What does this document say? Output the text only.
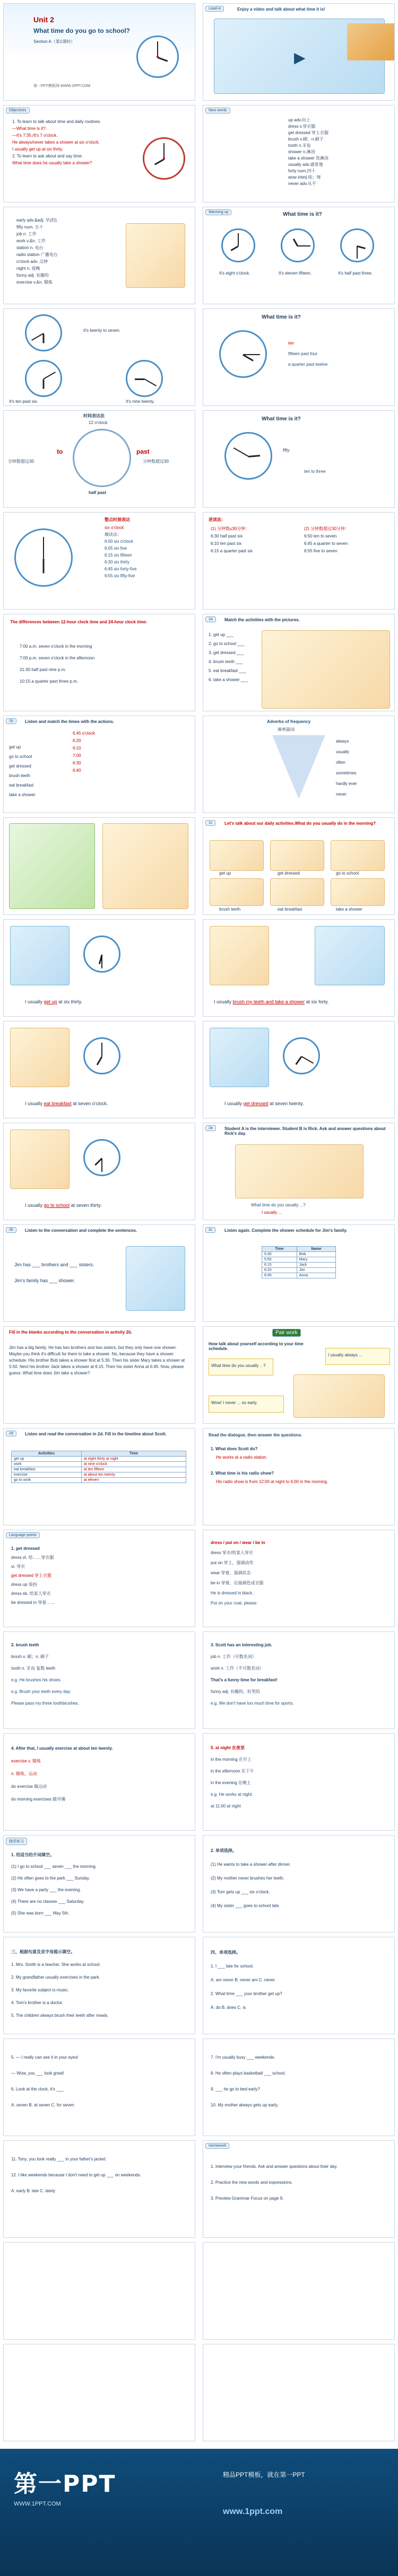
Unit 2
What time do you go to school?
Section A（第1课时）
第一PPT模板网-WWW.1PPT.COM
Lead-in	Enjoy a video and talk about what time it is!
▶
Objectives
1. To learn to talk about time and daily routines.
—What time is it?
—It's 7:35./It's 7 o'clock.
He always/never takes a shower at six o'clock.
I usually get up at six thirty.
2. To learn to ask about and say time:
What time does he usually take a shower?
New words
up adv.向上
dress v.穿衣服
get dressed 穿上衣服
brush v.刷；n.刷子
tooth n.牙齿
shower n.淋浴
take a shower 洗淋浴
usually adv.通常地
forty num.四十
wow interj.哇；呀
never adv.从不
early adv.&adj. 早(的)
fifty num. 五十
job n. 工作
work v.&n. 工作
station n. 电台
radio station 广播电台
o'clock adv. 点钟
night n. 夜晚
funny adj. 有趣的
exercise v.&n. 锻炼
Warming up	What time is it?
It's eight o'clock.	It's eleven fifteen.	It's half past three.
It's twenty to seven.
It's ten past six.	It's nine twenty.
What time is it?
ten
fifteen past four
a quarter past twelve
时间表达法
12 o'clock
to	past
分钟数超过30	分钟数超过30
half past
What time is it?
fifty
ten to three
整点时刻表达
six o'clock
顺读法：
6:00 six o'clock
6:05 six five
6:15 six fifteen
6:30 six thirty
6:45 six forty-five
6:55 six fifty-five
逆读法：
(1) 分钟数≤30分钟：
6:30 half past six
6:10 ten past six
6:15 a quarter past six
(2) 分钟数超过30分钟：
6:50 ten to seven
6:45 a quarter to seven
6:55 five to seven
The differences between 12-hour clock time and 24-hour clock time:
7:00 a.m. seven o'clock in the morning
7:00 p.m. seven o'clock in the afternoon
21:30 half past nine p.m.
10:15 a quarter past three p.m.
1a	Match the activities with the pictures.
1. get up ___
2. go to school ___
3. get dressed ___
4. brush teeth ___
5. eat breakfast ___
6. take a shower ___
1b	Listen and match the times with the actions.
get up
go to school
get dressed
brush teeth
eat breakfast
take a shower
6:45 o'clock
6:20
6:10
7:00
6:30
6:40
Adverbs of frequency
频率副词
always
usually
often
sometimes
hardly ever
never
1c	Let's talk about our daily activities.What do you usually do in the morning?
get up	get dressed	go to school
brush teeth	eat breakfast	take a shower
I usually get up at six thirty.	I usually brush my teeth and take a shower at six forty.
I usually eat breakfast at seven o'clock.	I usually get dressed at seven twenty.
I usually go to school at seven thirty.
2a	Student A is the interviewer. Student B is Rick. Ask and answer questions about Rick's day.
What time do you usually ...?
I usually ...
2b	Listen to the conversation and complete the sentences.
Jim has ___ brothers and ___ sisters.
Jim's family has ___ shower.
2c	Listen again. Complete the shower schedule for Jim's family.
Time	Name
5:30	Bob
5:50	Mary
6:15	Jack
6:20	Jim
6:45	Anna
Fill in the blanks according to the conversation in activity 2b.
Jim has a big family. He has two brothers and two sisters, but they only have one shower. Maybe you think it's difficult for them to take a shower. No, because they have a shower schedule. His brother Bob takes a shower first at 5:30. Then his sister Mary takes a shower at 5:50. Next his brother Jack takes a shower at 6:15. Then his sister Anna at 6:45. Now, please guess: What time does Jim take a shower?
Pair work
How talk about yourself according to your time schedule.
What time do you usually ...?
I usually always ...
Wow! I never ... so early.
2d	Listen and read the conversation in 2d. Fill in the timeline about Scott.
Activities	Time
get up	at eight thirty at night
work	at nine o'clock
eat breakfast	at ten fifteen
exercise	at about ten twenty
go to work	at eleven
Read the dialogue, then answer the questions.
1. What does Scott do?
He works at a radio station.
2. What time is his radio show?
His radio show is from 12:00 at night to 6:00 in the morning.
Language points
1. get dressed
dress vt. 给……穿衣服
vi. 穿衣
get dressed 穿上衣服
dress up 装扮
dress sb. 给某人穿衣
be dressed in 穿着……
dress / put on / wear / be in
dress 穿衣/给某人穿衣
put on 穿上，强调动作
wear 穿着，强调状态
be in 穿着，后接颜色或衣服
He is dressed in black.
Put on your coat, please.
2. brush teeth
brush v. 刷；n. 刷子
tooth n. 牙齿 复数 teeth
e.g. He brushes his shoes.
e.g. Brush your teeth every day.
Please pass my three toothbrushes.
3. Scott has an interesting job.
job n. 工作（可数名词）
work n. 工作（不可数名词）
That's a funny time for breakfast!
funny adj. 有趣的，好笑的
e.g. We don't have too much time for sports.
4. After that, I usually exercise at about ten twenty.
exercise v. 锻炼
n. 锻炼，运动
do exercise 做运动
do morning exercises 做早操
5. at night 在夜里
in the morning 在早上
in the afternoon 在下午
in the evening 在晚上
e.g. He works at night.
at 11:00 at night
随堂练习
1. 用适当的介词填空。
(1) I go to school ___ seven ___ the morning.
(2) He often goes to the park ___ Sunday.
(3) We have a party ___ the evening.
(4) There are no classes ___ Saturday.
(5) She was born ___ May 5th.
2. 单项选择。
(1) He wants to take a shower after dinner.
(2) My mother never brushes her teeth.
(3) Tom gets up ___ six o'clock.
(4) My sister ___ goes to school late.
三、根据句意及首字母提示填空。
1. Mrs. Smith is a teacher. She works at school.
2. My grandfather usually exercises in the park.
3. My favorite subject is music.
4. Tom's brother is a doctor.
5. The children always brush their teeth after meals.
四、单项选择。
1. I ___ late for school.
A. am never B. never am C. never
2. What time ___ your brother get up?
A. do B. does C. is
5. — I really can see it in your eyes!
— Wow, you ___ look great!
6. Look at the clock, it's ___.
A. seven B. at seven C. for seven
7. I'm usually busy ___ weekends.
8. He often plays basketball ___ school.
9. ___ he go to bed early?
10. My mother always gets up early.
11. Tony, you look really ___ in your father's jacket.
12. I like weekends because I don't need to get up ___ on weekends.
A. early B. late C. lately
Homework
1. Interview your friends. Ask and answer questions about their day.
2. Practice the new words and expressions.
3. Preview Grammar Focus on page 9.
第一PPT
WWW.1PPT.COM
精品PPT模板，就在第一PPT
www.1ppt.com
